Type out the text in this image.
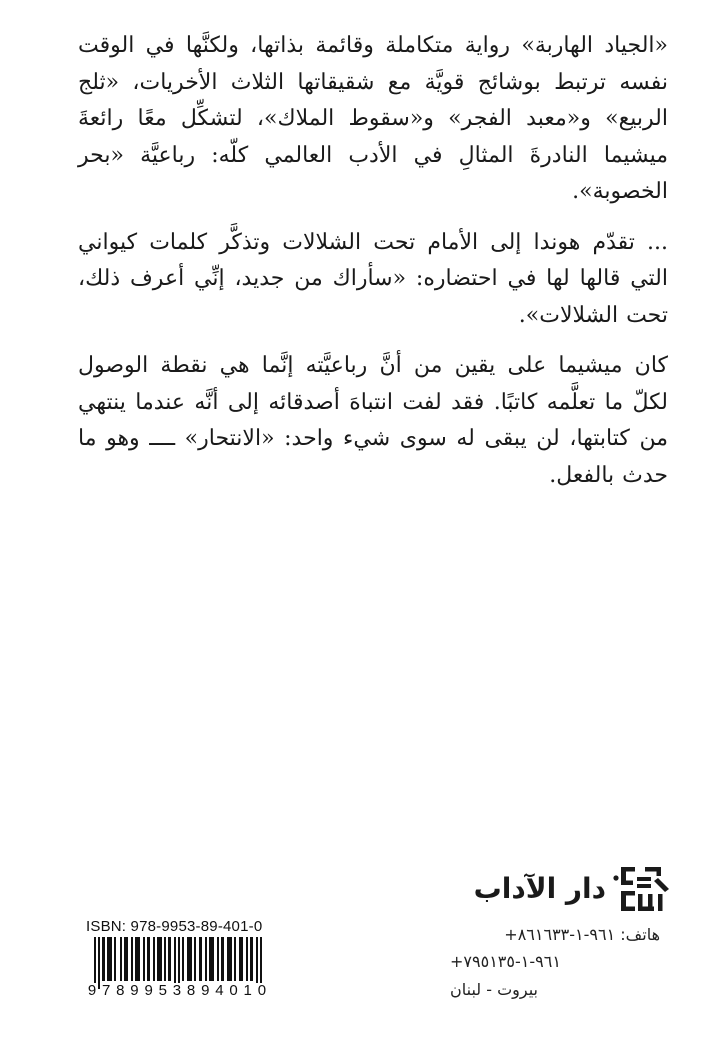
«الجياد الهاربة» رواية متكاملة وقائمة بذاتها، ولكنَّها في الوقت نفسه ترتبط بوشائج قويَّة مع شقيقاتها الثلاث الأخريات، «ثلج الربيع» و«معبد الفجر» و«سقوط الملاك»، لتشكِّل معًا رائعةَ ميشيما النادرةَ المثالِ في الأدب العالمي كلّه: رباعيَّة «بحر الخصوبة».

... تقدّم هوندا إلى الأمام تحت الشلالات وتذكَّر كلمات كيواني التي قالها لها في احتضاره: «سأراك من جديد، إنِّي أعرف ذلك، تحت الشلالات».

كان ميشيما على يقين من أنَّ رباعيَّته إنَّما هي نقطة الوصول لكلّ ما تعلَّمه كاتبًا. فقد لفت انتباهَ أصدقائه إلى أنَّه عندما ينتهي من كتابتها، لن يبقى له سوى شيء واحد: «الانتحار» ــــ وهو ما حدث بالفعل.

دار الآداب
هاتف: +٩٦١-١-٨٦١٦٣٣
+٩٦١-١-٧٩٥١٣٥
بيروت - لبنان
ISBN: 978-9953-89-401-0
9 7 8 9 9 5 3 8 9 4 0 1 0
